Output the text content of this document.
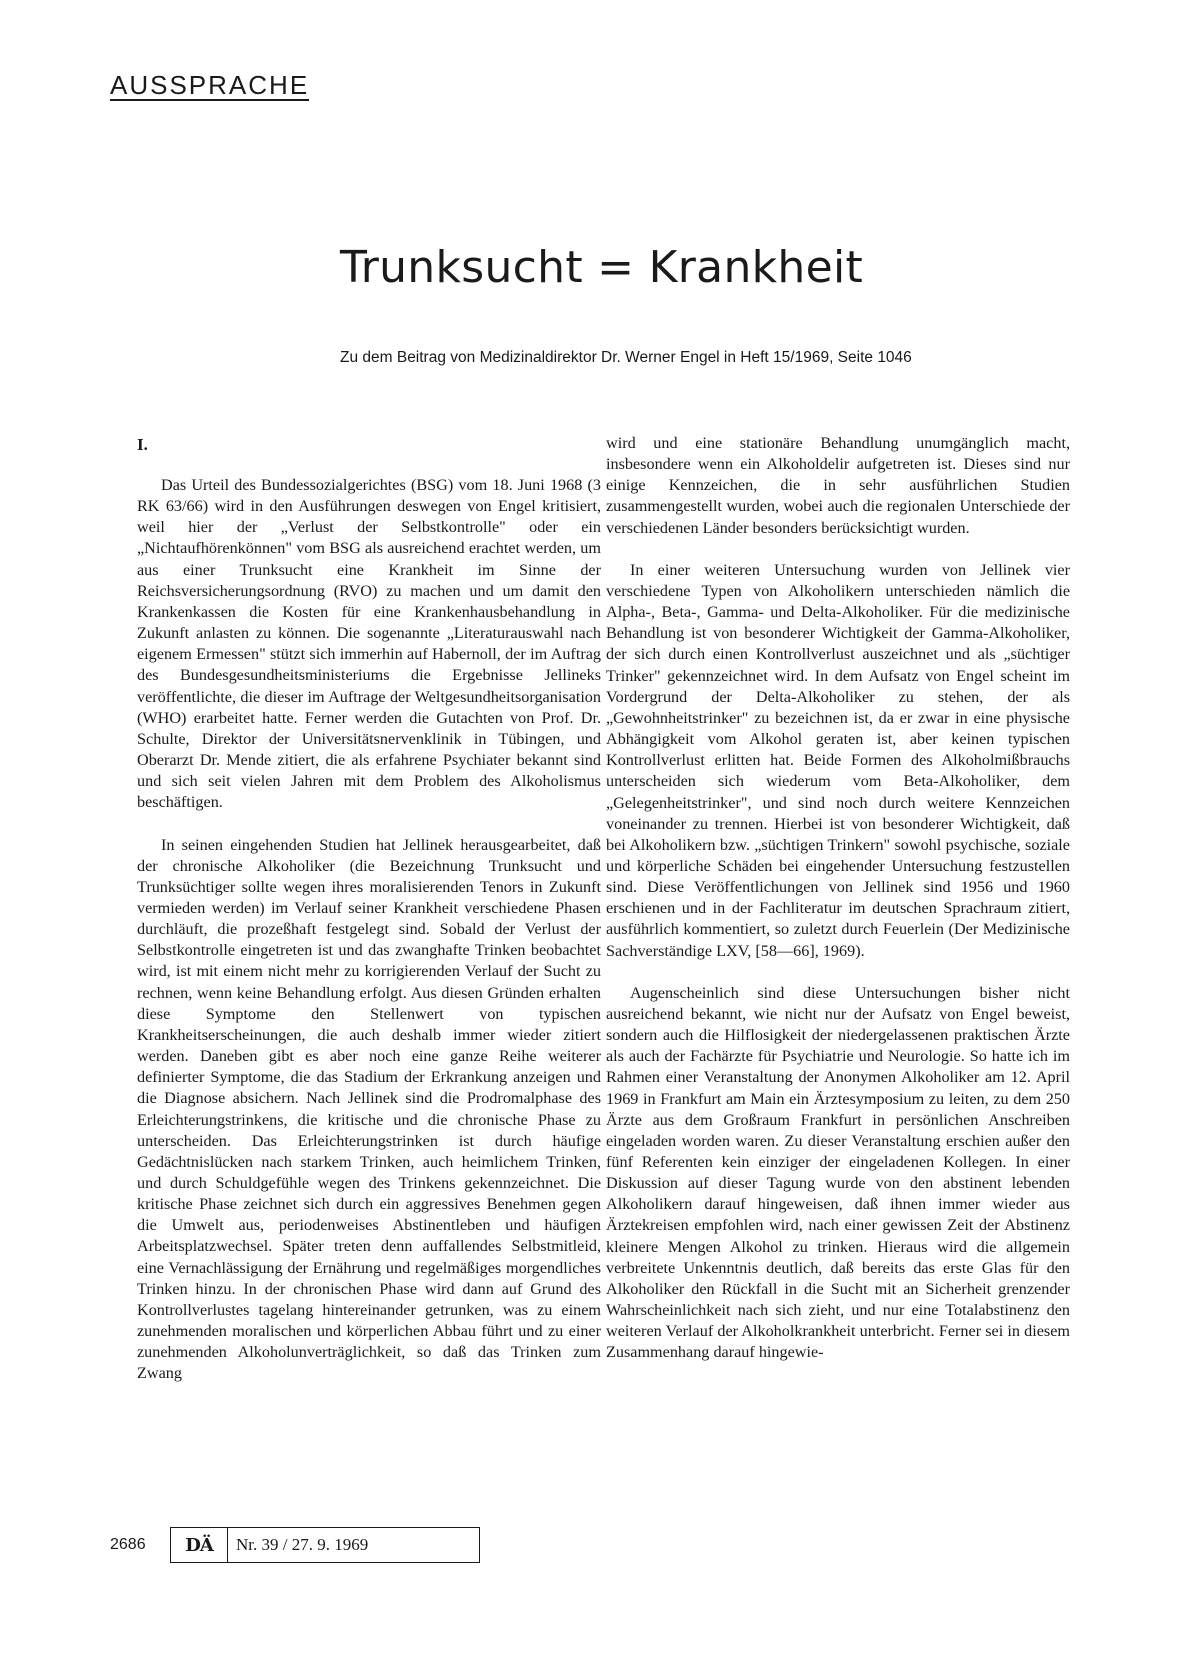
AUSSPRACHE
Trunksucht = Krankheit

Zu dem Beitrag von Medizinaldirektor Dr. Werner Engel in Heft 15/1969, Seite 1046

I.

Das Urteil des Bundessozialgerichtes (BSG) vom 18. Juni 1968 (3 RK 63/66) wird in den Ausführungen deswegen von Engel kritisiert, weil hier der „Verlust der Selbstkontrolle" oder ein „Nichtaufhörenkönnen" vom BSG als ausreichend erachtet werden, um aus einer Trunksucht eine Krankheit im Sinne der Reichsversicherungsordnung (RVO) zu machen und um damit den Krankenkassen die Kosten für eine Krankenhausbehandlung in Zukunft anlasten zu können. Die sogenannte „Literaturauswahl nach eigenem Ermessen" stützt sich immerhin auf Habernoll, der im Auftrag des Bundesgesundheitsministeriums die Ergebnisse Jellineks veröffentlichte, die dieser im Auftrage der Weltgesundheitsorganisation (WHO) erarbeitet hatte. Ferner werden die Gutachten von Prof. Dr. Schulte, Direktor der Universitätsnervenklinik in Tübingen, und Oberarzt Dr. Mende zitiert, die als erfahrene Psychiater bekannt sind und sich seit vielen Jahren mit dem Problem des Alkoholismus beschäftigen.

In seinen eingehenden Studien hat Jellinek herausgearbeitet, daß der chronische Alkoholiker (die Bezeichnung Trunksucht und Trunksüchtiger sollte wegen ihres moralisierenden Tenors in Zukunft vermieden werden) im Verlauf seiner Krankheit verschiedene Phasen durchläuft, die prozeßhaft festgelegt sind. Sobald der Verlust der Selbstkontrolle eingetreten ist und das zwanghafte Trinken beobachtet wird, ist mit einem nicht mehr zu korrigierenden Verlauf der Sucht zu rechnen, wenn keine Behandlung erfolgt. Aus diesen Gründen erhalten diese Symptome den Stellenwert von typischen Krankheitserscheinungen, die auch deshalb immer wieder zitiert werden. Daneben gibt es aber noch eine ganze Reihe weiterer definierter Symptome, die das Stadium der Erkrankung anzeigen und die Diagnose absichern. Nach Jellinek sind die Prodromalphase des Erleichterungstrinkens, die kritische und die chronische Phase zu unterscheiden. Das Erleichterungstrinken ist durch häufige Gedächtnislücken nach starkem Trinken, auch heimlichem Trinken, und durch Schuldgefühle wegen des Trinkens gekennzeichnet. Die kritische Phase zeichnet sich durch ein aggressives Benehmen gegen die Umwelt aus, periodenweises Abstinentleben und häufigen Arbeitsplatzwechsel. Später treten denn auffallendes Selbstmitleid, eine Vernachlässigung der Ernährung und regelmäßiges morgendliches Trinken hinzu. In der chronischen Phase wird dann auf Grund des Kontrollverlustes tagelang hintereinander getrunken, was zu einem zunehmenden moralischen und körperlichen Abbau führt und zu einer zunehmenden Alkoholunverträglichkeit, so daß das Trinken zum Zwang

wird und eine stationäre Behandlung unumgänglich macht, insbesondere wenn ein Alkoholdelir aufgetreten ist. Dieses sind nur einige Kennzeichen, die in sehr ausführlichen Studien zusammengestellt wurden, wobei auch die regionalen Unterschiede der verschiedenen Länder besonders berücksichtigt wurden.

In einer weiteren Untersuchung wurden von Jellinek vier verschiedene Typen von Alkoholikern unterschieden nämlich die Alpha-, Beta-, Gamma- und Delta-Alkoholiker. Für die medizinische Behandlung ist von besonderer Wichtigkeit der Gamma-Alkoholiker, der sich durch einen Kontrollverlust auszeichnet und als „süchtiger Trinker" gekennzeichnet wird. In dem Aufsatz von Engel scheint im Vordergrund der Delta-Alkoholiker zu stehen, der als „Gewohnheitstrinker" zu bezeichnen ist, da er zwar in eine physische Abhängigkeit vom Alkohol geraten ist, aber keinen typischen Kontrollverlust erlitten hat. Beide Formen des Alkoholmißbrauchs unterscheiden sich wiederum vom Beta-Alkoholiker, dem „Gelegenheitstrinker", und sind noch durch weitere Kennzeichen voneinander zu trennen. Hierbei ist von besonderer Wichtigkeit, daß bei Alkoholikern bzw. „süchtigen Trinkern" sowohl psychische, soziale und körperliche Schäden bei eingehender Untersuchung festzustellen sind. Diese Veröffentlichungen von Jellinek sind 1956 und 1960 erschienen und in der Fachliteratur im deutschen Sprachraum zitiert, ausführlich kommentiert, so zuletzt durch Feuerlein (Der Medizinische Sachverständige LXV, [58—66], 1969).

Augenscheinlich sind diese Untersuchungen bisher nicht ausreichend bekannt, wie nicht nur der Aufsatz von Engel beweist, sondern auch die Hilflosigkeit der niedergelassenen praktischen Ärzte als auch der Fachärzte für Psychiatrie und Neurologie. So hatte ich im Rahmen einer Veranstaltung der Anonymen Alkoholiker am 12. April 1969 in Frankfurt am Main ein Ärztesymposium zu leiten, zu dem 250 Ärzte aus dem Großraum Frankfurt in persönlichen Anschreiben eingeladen worden waren. Zu dieser Veranstaltung erschien außer den fünf Referenten kein einziger der eingeladenen Kollegen. In einer Diskussion auf dieser Tagung wurde von den abstinent lebenden Alkoholikern darauf hingeweisen, daß ihnen immer wieder aus Ärztekreisen empfohlen wird, nach einer gewissen Zeit der Abstinenz kleinere Mengen Alkohol zu trinken. Hieraus wird die allgemein verbreitete Unkenntnis deutlich, daß bereits das erste Glas für den Alkoholiker den Rückfall in die Sucht mit an Sicherheit grenzender Wahrscheinlichkeit nach sich zieht, und nur eine Totalabstinenz den weiteren Verlauf der Alkoholkrankheit unterbricht. Ferner sei in diesem Zusammenhang darauf hingewie-

2686	DÄ	Nr. 39 / 27. 9. 1969
